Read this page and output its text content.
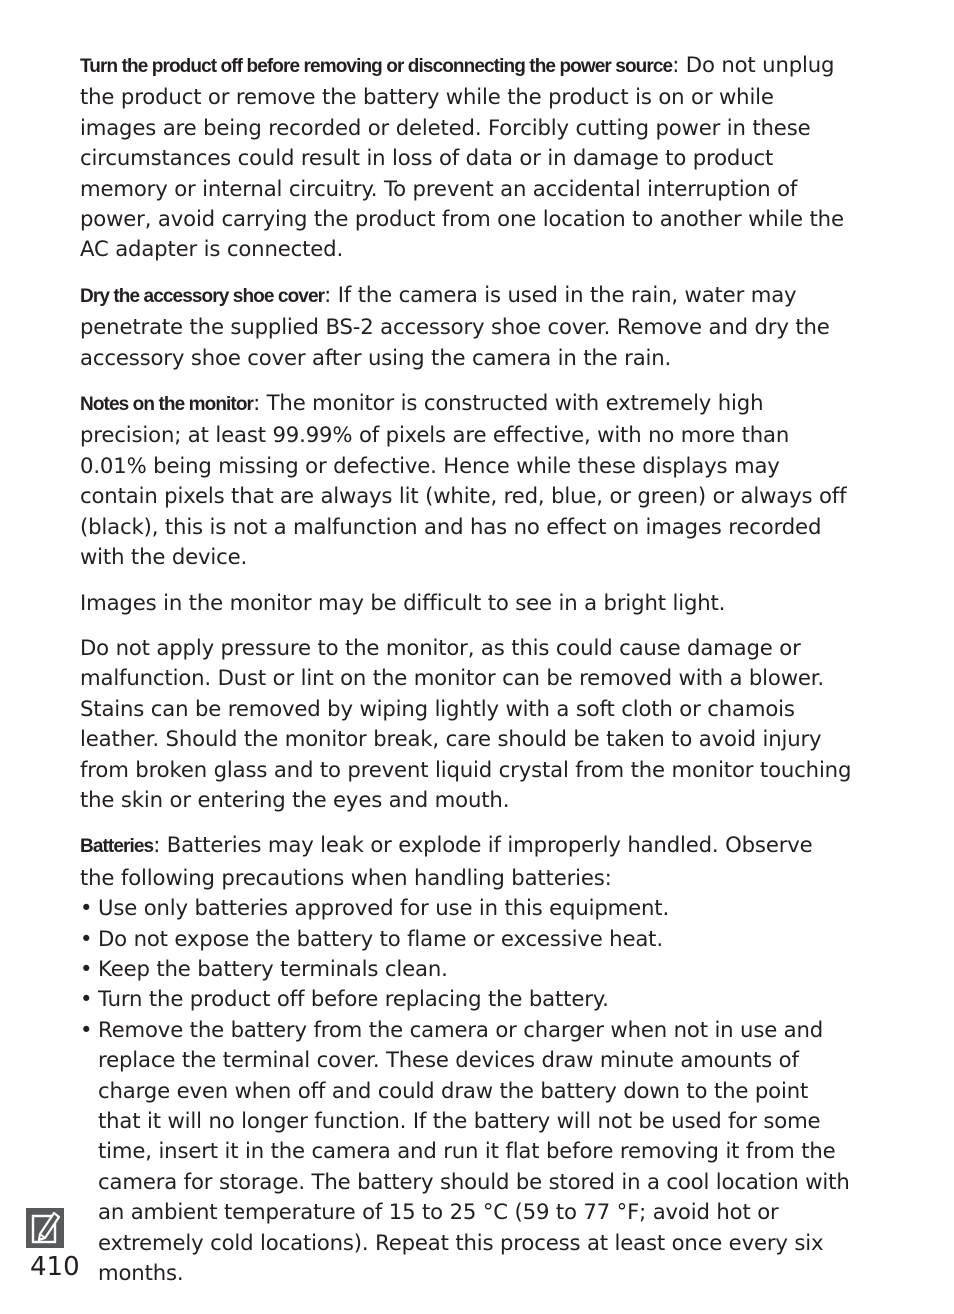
Turn the product off before removing or disconnecting the power source: Do not unplug the product or remove the battery while the product is on or while images are being recorded or deleted. Forcibly cutting power in these circumstances could result in loss of data or in damage to product memory or internal circuitry. To prevent an accidental interruption of power, avoid carrying the product from one location to another while the AC adapter is connected.

Dry the accessory shoe cover: If the camera is used in the rain, water may penetrate the supplied BS-2 accessory shoe cover. Remove and dry the accessory shoe cover after using the camera in the rain.

Notes on the monitor: The monitor is constructed with extremely high precision; at least 99.99% of pixels are effective, with no more than 0.01% being missing or defective. Hence while these displays may contain pixels that are always lit (white, red, blue, or green) or always off (black), this is not a malfunction and has no effect on images recorded with the device.

Images in the monitor may be difficult to see in a bright light.

Do not apply pressure to the monitor, as this could cause damage or malfunction. Dust or lint on the monitor can be removed with a blower. Stains can be removed by wiping lightly with a soft cloth or chamois leather. Should the monitor break, care should be taken to avoid injury from broken glass and to prevent liquid crystal from the monitor touching the skin or entering the eyes and mouth.

Batteries: Batteries may leak or explode if improperly handled. Observe the following precautions when handling batteries:

• Use only batteries approved for use in this equipment.
• Do not expose the battery to flame or excessive heat.
• Keep the battery terminals clean.
• Turn the product off before replacing the battery.
• Remove the battery from the camera or charger when not in use and replace the terminal cover. These devices draw minute amounts of charge even when off and could draw the battery down to the point that it will no longer function. If the battery will not be used for some time, insert it in the camera and run it flat before removing it from the camera for storage. The battery should be stored in a cool location with an ambient temperature of 15 to 25 °C (59 to 77 °F; avoid hot or extremely cold locations). Repeat this process at least once every six months.
410
